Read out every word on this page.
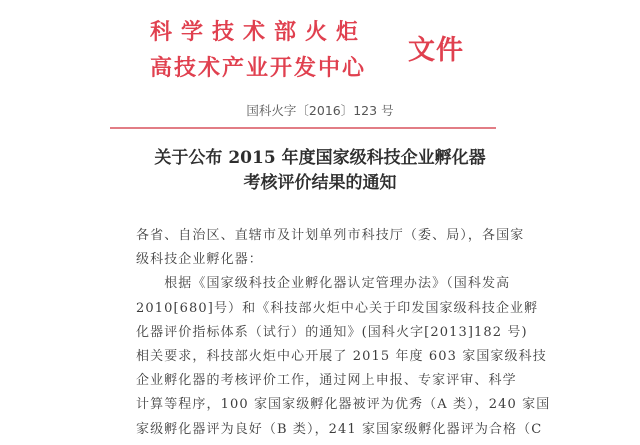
科学技术部火炬
高技术产业开发中心
文件
国科火字〔2016〕123 号
关于公布 2015 年度国家级科技企业孵化器
考核评价结果的通知

各省、自治区、直辖市及计划单列市科技厅（委、局），各国家

级科技企业孵化器：

　　根据《国家级科技企业孵化器认定管理办法》（国科发高

2010[680]号）和《科技部火炬中心关于印发国家级科技企业孵

化器评价指标体系（试行）的通知》(国科火字[2013]182 号)

相关要求，科技部火炬中心开展了 2015 年度 603 家国家级科技

企业孵化器的考核评价工作，通过网上申报、专家评审、科学

计算等程序，100 家国家级孵化器被评为优秀（A 类），240 家国

家级孵化器评为良好（B 类），241 家国家级孵化器评为合格（C
